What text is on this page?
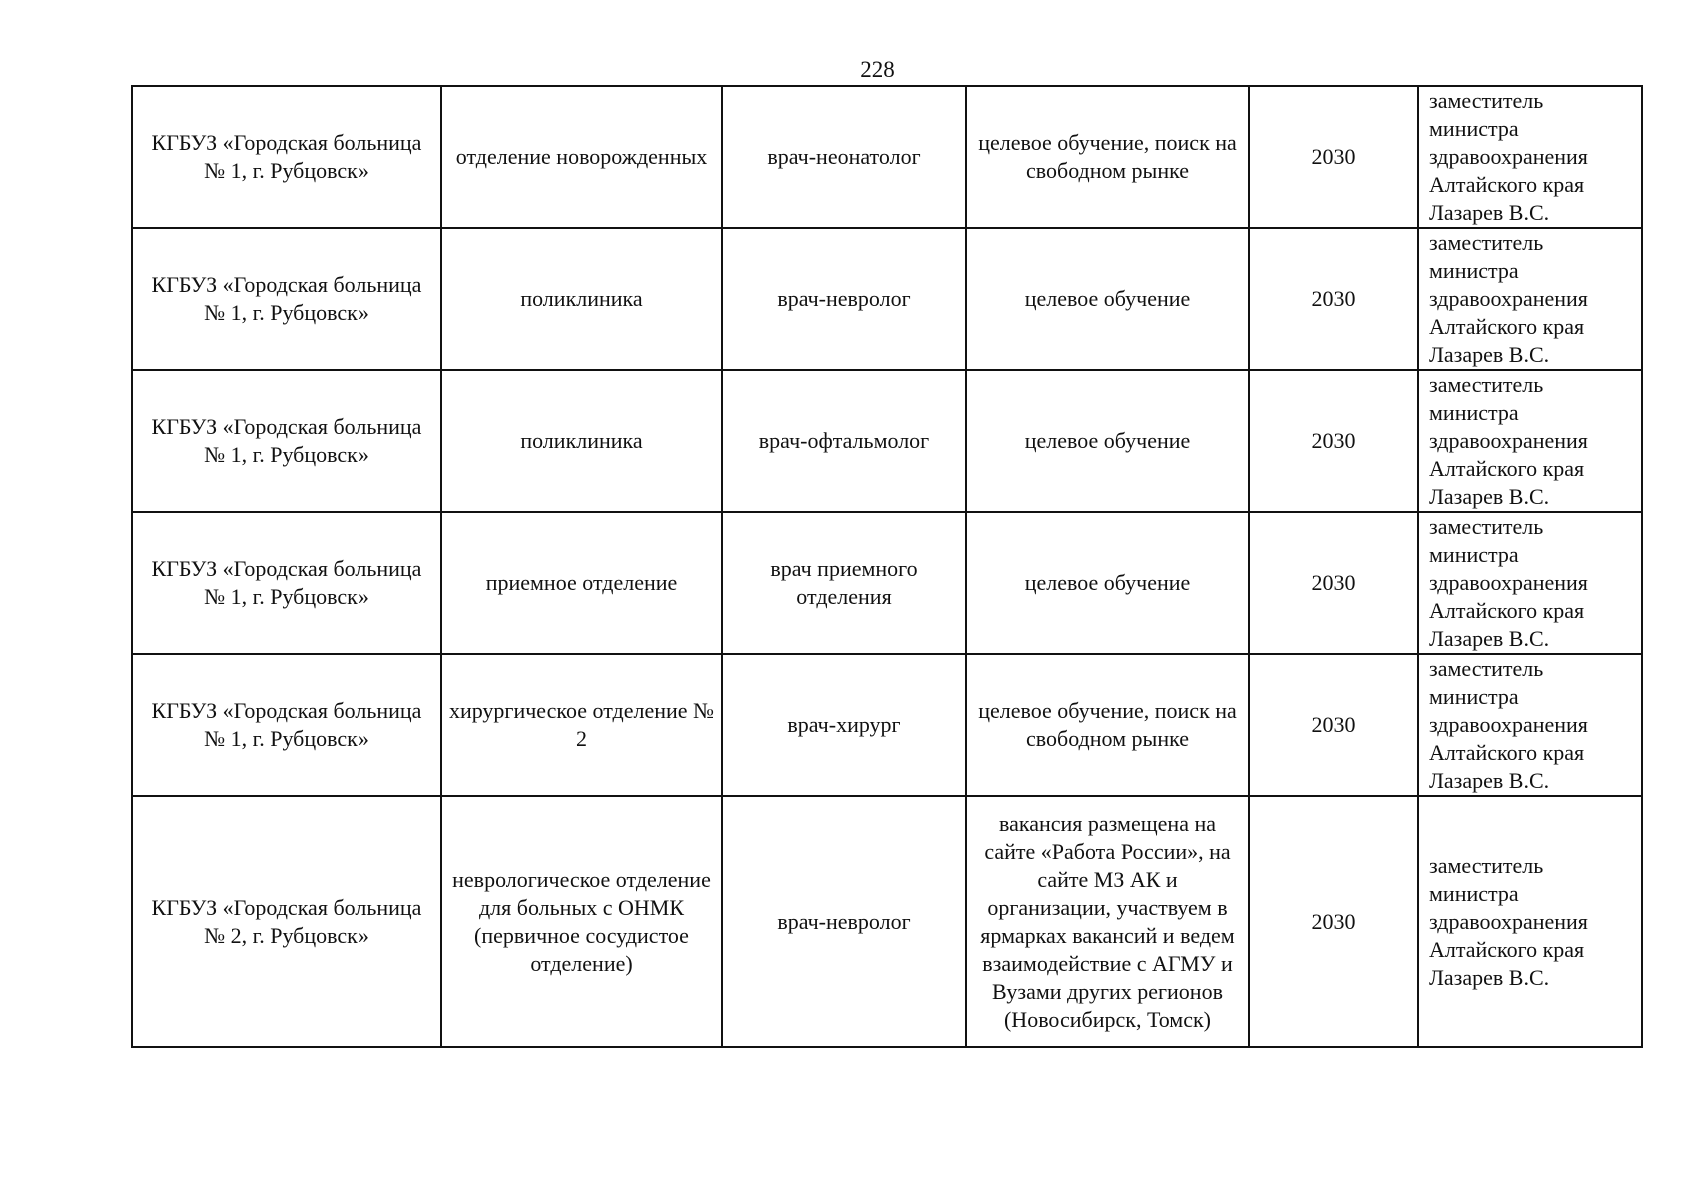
228
КГБУЗ «Городская больница № 1, г. Рубцовск»	отделение новорожденных	врач-неонатолог	целевое обучение, поиск на свободном рынке	2030	заместитель министра здравоохранения Алтайского края Лазарев В.С.
КГБУЗ «Городская больница № 1, г. Рубцовск»	поликлиника	врач-невролог	целевое обучение	2030	заместитель министра здравоохранения Алтайского края Лазарев В.С.
КГБУЗ «Городская больница № 1, г. Рубцовск»	поликлиника	врач-офтальмолог	целевое обучение	2030	заместитель министра здравоохранения Алтайского края Лазарев В.С.
КГБУЗ «Городская больница № 1, г. Рубцовск»	приемное отделение	врач приемного отделения	целевое обучение	2030	заместитель министра здравоохранения Алтайского края Лазарев В.С.
КГБУЗ «Городская больница № 1, г. Рубцовск»	хирургическое отделение № 2	врач-хирург	целевое обучение, поиск на свободном рынке	2030	заместитель министра здравоохранения Алтайского края Лазарев В.С.
КГБУЗ «Городская больница № 2, г. Рубцовск»	неврологическое отделение для больных с ОНМК (первичное сосудистое отделение)	врач-невролог	вакансия размещена на сайте «Работа России», на сайте МЗ АК и организации, участвуем в ярмарках вакансий и ведем взаимодействие с АГМУ и Вузами других регионов (Новосибирск, Томск)	2030	заместитель министра здравоохранения Алтайского края Лазарев В.С.
